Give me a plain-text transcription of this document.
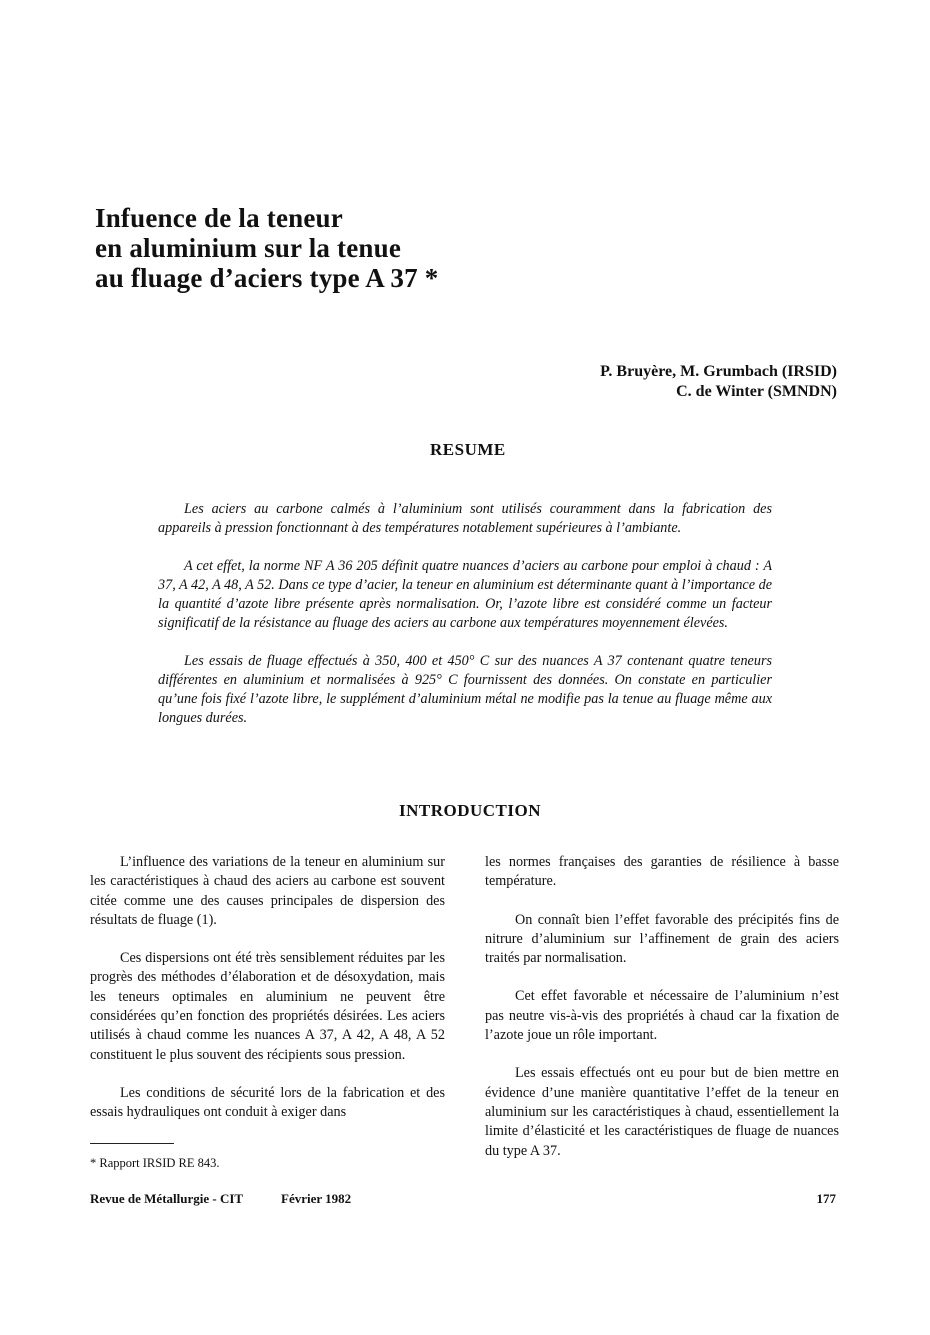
Infuence de la teneur
en aluminium sur la tenue
au fluage d’aciers type A 37 *
P. Bruyère, M. Grumbach (IRSID)
C. de Winter (SMNDN)
RESUME

Les aciers au carbone calmés à l’aluminium sont utilisés couramment dans la fabrication des appareils à pression fonctionnant à des températures notablement supérieures à l’ambiante.

A cet effet, la norme NF A 36 205 définit quatre nuances d’aciers au carbone pour emploi à chaud : A 37, A 42, A 48, A 52. Dans ce type d’acier, la teneur en aluminium est déterminante quant à l’importance de la quantité d’azote libre présente après normalisation. Or, l’azote libre est considéré comme un facteur significatif de la résistance au fluage des aciers au carbone aux températures moyennement élevées.

Les essais de fluage effectués à 350, 400 et 450° C sur des nuances A 37 contenant quatre teneurs différentes en aluminium et normalisées à 925° C fournissent des données. On constate en particulier qu’une fois fixé l’azote libre, le supplément d’aluminium métal ne modifie pas la tenue au fluage même aux longues durées.

INTRODUCTION

L’influence des variations de la teneur en aluminium sur les caractéristiques à chaud des aciers au carbone est souvent citée comme une des causes principales de dispersion des résultats de fluage (1).

Ces dispersions ont été très sensiblement réduites par les progrès des méthodes d’élaboration et de désoxydation, mais les teneurs optimales en aluminium ne peuvent être considérées qu’en fonction des propriétés désirées. Les aciers utilisés à chaud comme les nuances A 37, A 42, A 48, A 52 constituent le plus souvent des récipients sous pression.

Les conditions de sécurité lors de la fabrication et des essais hydrauliques ont conduit à exiger dans

les normes françaises des garanties de résilience à basse température.

On connaît bien l’effet favorable des précipités fins de nitrure d’aluminium sur l’affinement de grain des aciers traités par normalisation.

Cet effet favorable et nécessaire de l’aluminium n’est pas neutre vis-à-vis des propriétés à chaud car la fixation de l’azote joue un rôle important.

Les essais effectués ont eu pour but de bien mettre en évidence d’une manière quantitative l’effet de la teneur en aluminium sur les caractéristiques à chaud, essentiellement la limite d’élasticité et les caractéristiques de fluage de nuances du type A 37.

* Rapport IRSID RE 843.
Revue de Métallurgie - CIT	Février 1982	177
